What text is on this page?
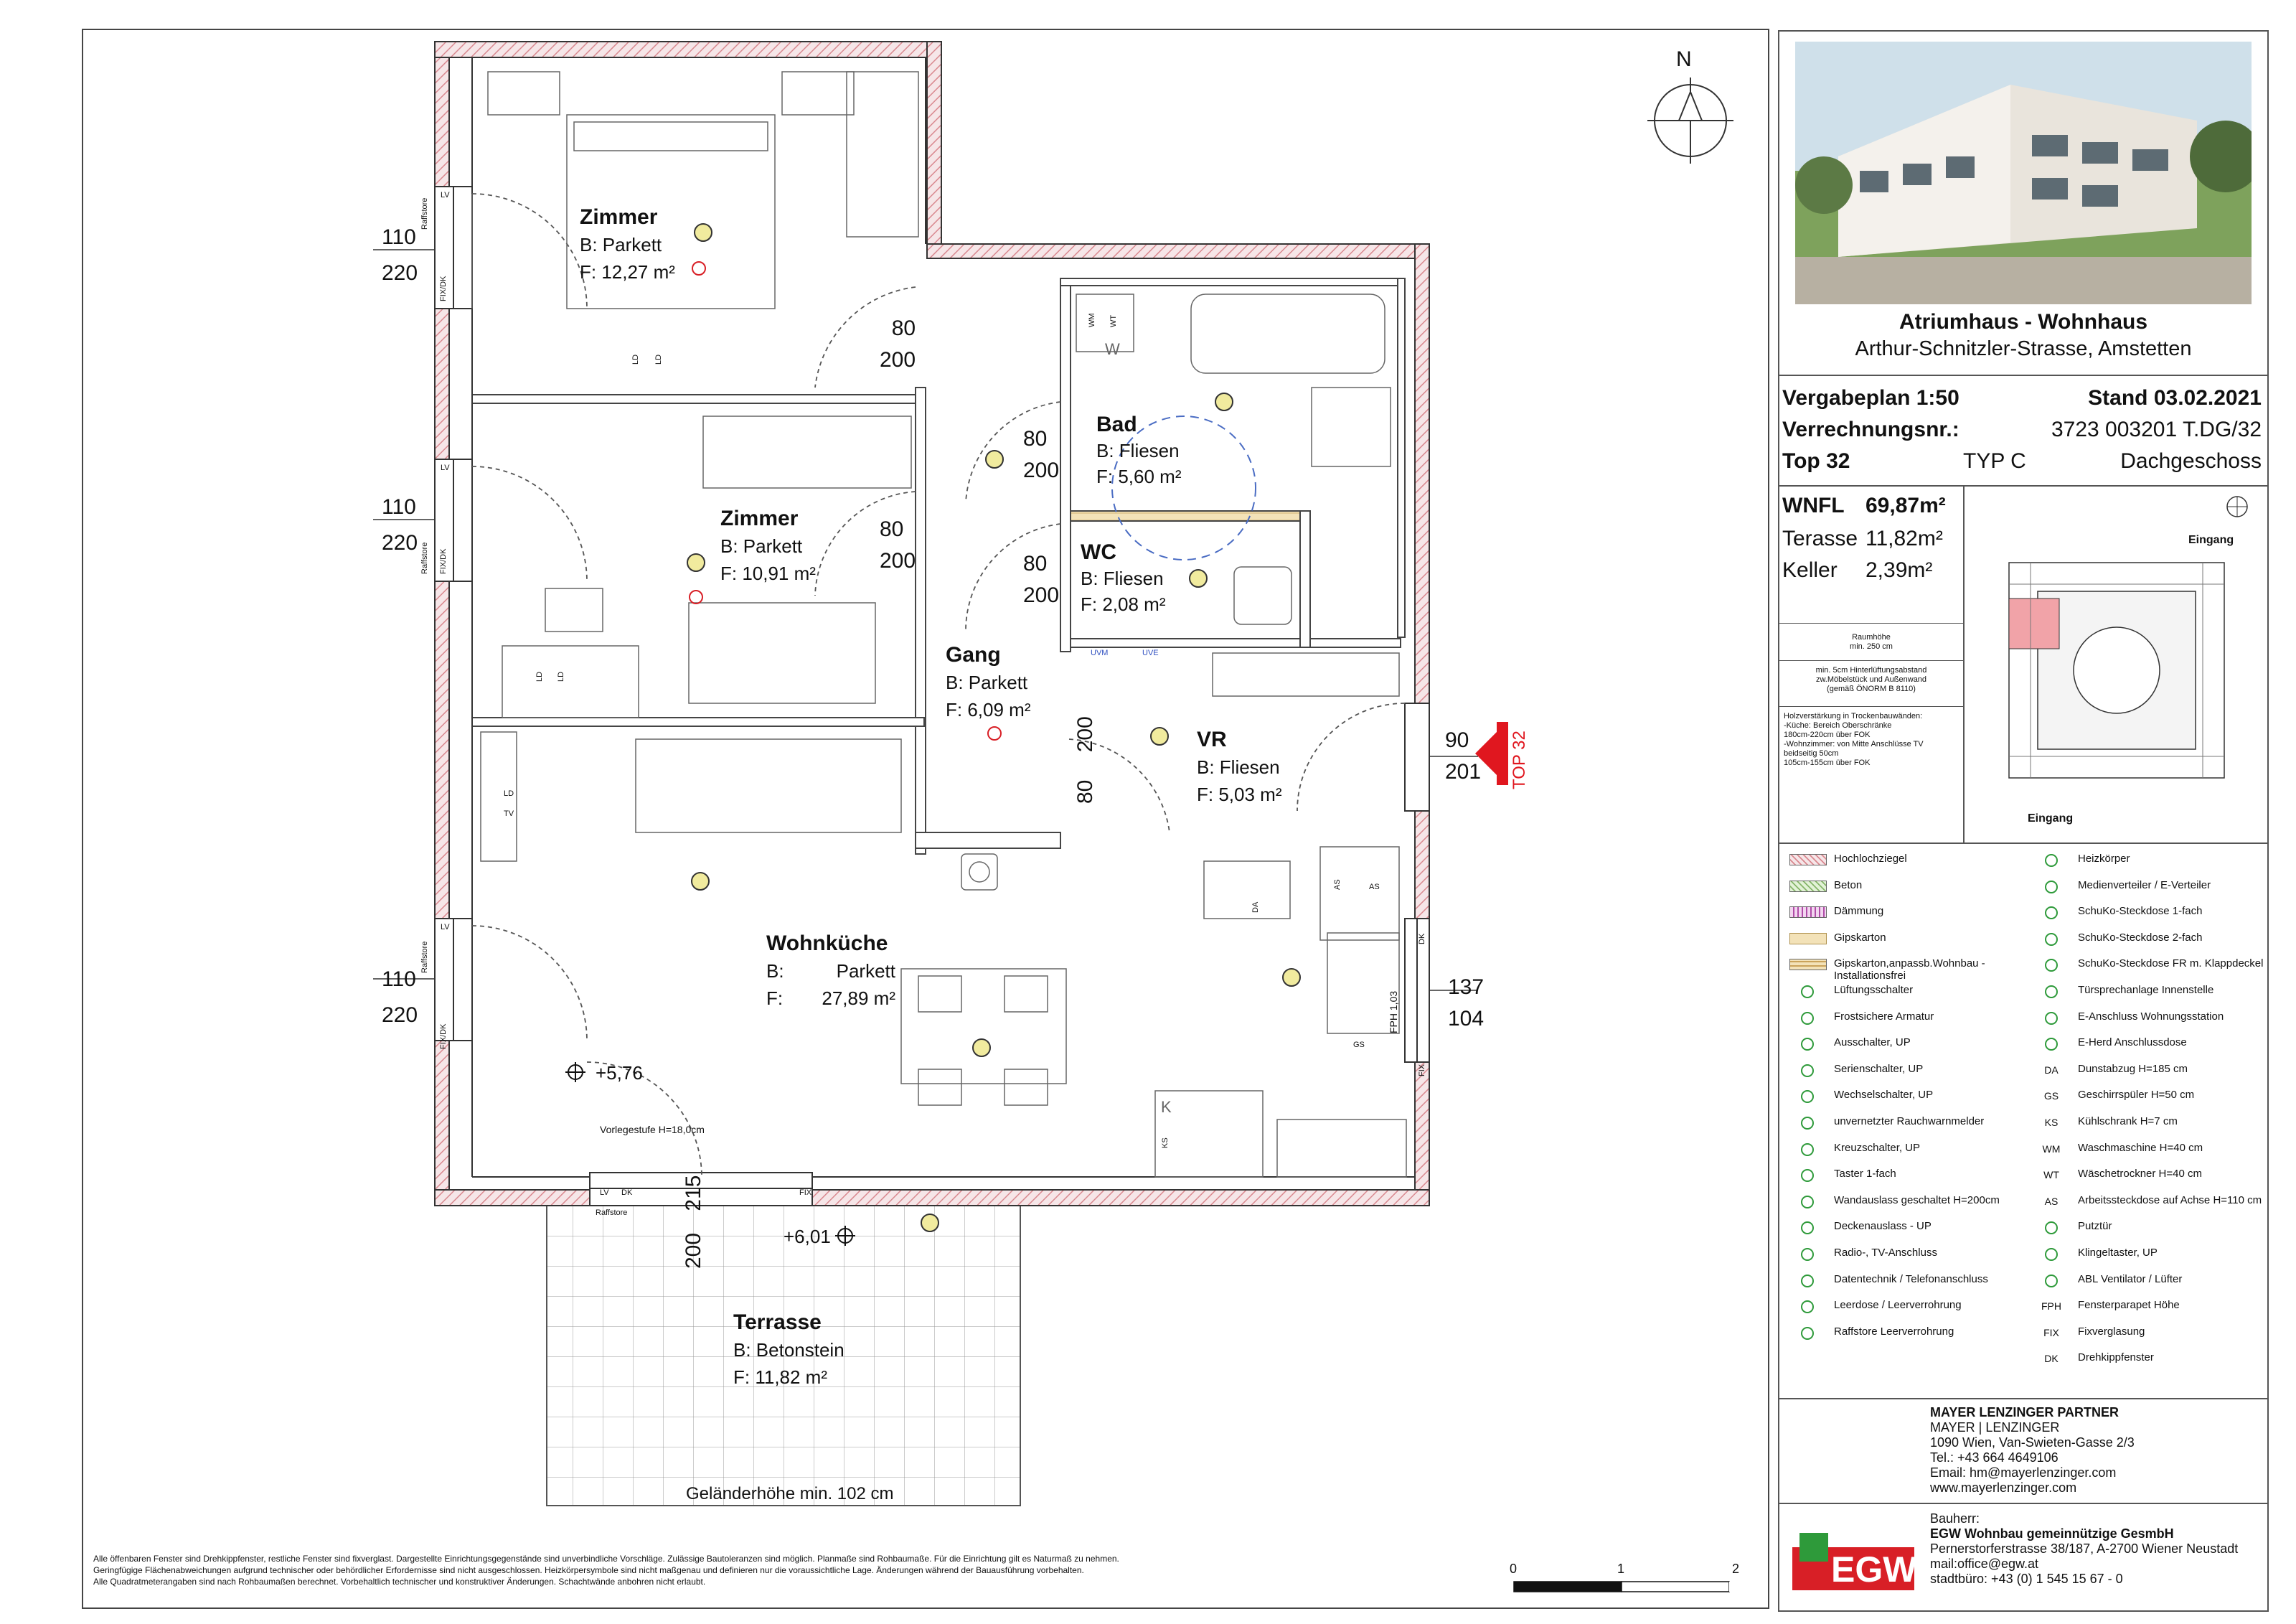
N
Zimmer
B: Parkett
F: 12,27 m²
Zimmer
B: Parkett
F: 10,91 m²
Bad
B: Fliesen
F: 5,60 m²
WC
B: Fliesen
F: 2,08 m²
Gang
B: Parkett
F: 6,09 m²
VR
B: Fliesen
F: 5,03 m²
Wohnküche
B:	Parkett
F: 27,89 m²
Terrasse
B: Betonstein
F: 11,82 m²
110
220
110
220
110
220
80
200
80
200
80
200
80
200
80 200	90
201
137
104
200 215
TOP 32
+5,76
+6,01
Raffstore
Raffstore
Raffstore
Raffstore
FIX/DK
FIX/DK
FIX/DK
LV
LV
LV
LV DK	FIX
LD LD
LD LD
LD
TV
UVM	UVE
WM WT
W
K
KS
DA
AS	AS
GS
DK
FIX
FPH 1,03
Vorlegestufe H=18,0cm
Geländerhöhe min. 102 cm
Alle öffenbaren Fenster sind Drehkippfenster, restliche Fenster sind fixverglast. Dargestellte Einrichtungsgegenstände sind unverbindliche Vorschläge. Zulässige Bautoleranzen sind möglich. Planmaße sind Rohbaumaße. Für die Einrichtung gilt es Naturmaß zu nehmen.
Geringfügige Flächenabweichungen aufgrund technischer oder behördlicher Erfordernisse sind nicht ausgeschlossen. Heizkörpersymbole sind nicht maßgenau und definieren nur die voraussichtliche Lage. Änderungen während der Bauausführung vorbehalten.
Alle Quadratmeterangaben sind nach Rohbaumaßen berechnet. Vorbehaltlich technischer und konstruktiver Änderungen. Schachtwände anbohren nicht erlaubt.
0	1	2
Atriumhaus - Wohnhaus
Arthur-Schnitzler-Strasse, Amstetten
Vergabeplan 1:50	Stand 03.02.2021
Verrechnungsnr.:	3723 003201 T.DG/32
Top 32	TYP C	Dachgeschoss
WNFL 69,87m²
Terasse 11,82m²
Keller 2,39m²
Raumhöhe
min. 250 cm
min. 5cm Hinterlüftungsabstand
zw.Möbelstück und Außenwand
(gemäß ÖNORM B 8110)
Holzverstärkung in Trockenbauwänden:
-Küche: Bereich Oberschränke
180cm-220cm über FOK
-Wohnzimmer: von Mitte Anschlüsse TV
beidseitig 50cm
105cm-155cm über FOK
Eingang
Eingang
Hochlochziegel
Beton
Dämmung
Gipskarton
Gipskarton,anpassb.Wohnbau - Installationsfrei
Lüftungsschalter
Frostsichere Armatur
Ausschalter, UP
Serienschalter, UP
Wechselschalter, UP
unvernetzter Rauchwarnmelder
Kreuzschalter, UP
Taster 1-fach
Wandauslass geschaltet H=200cm
Deckenauslass - UP
Radio-, TV-Anschluss
Datentechnik / Telefonanschluss
Leerdose / Leerverrohrung
Raffstore Leerverrohrung
Heizkörper
Medienverteiler / E-Verteiler
SchuKo-Steckdose 1-fach
SchuKo-Steckdose 2-fach
SchuKo-Steckdose FR m. Klappdeckel
Türsprechanlage Innenstelle
E-Anschluss Wohnungsstation
E-Herd Anschlussdose
DA	Dunstabzug H=185 cm
GS	Geschirrspüler H=50 cm
KS	Kühlschrank H=7 cm
WM	Waschmaschine H=40 cm
WT	Wäschetrockner H=40 cm
AS	Arbeitssteckdose auf Achse H=110 cm
Putztür
Klingeltaster, UP
ABL Ventilator / Lüfter
FPH	Fensterparapet Höhe
FIX	Fixverglasung
DK	Drehkippfenster
MAYER LENZINGER PARTNER
MAYER | LENZINGER
1090 Wien, Van-Swieten-Gasse 2/3
Tel.: +43 664 4649106
Email: hm@mayerlenzinger.com
www.mayerlenzinger.com
EGW
Bauherr:
EGW Wohnbau gemeinnützige GesmbH
Pernerstorferstrasse 38/187, A-2700 Wiener Neustadt
mail:office@egw.at
stadtbüro: +43 (0) 1 545 15 67 - 0
